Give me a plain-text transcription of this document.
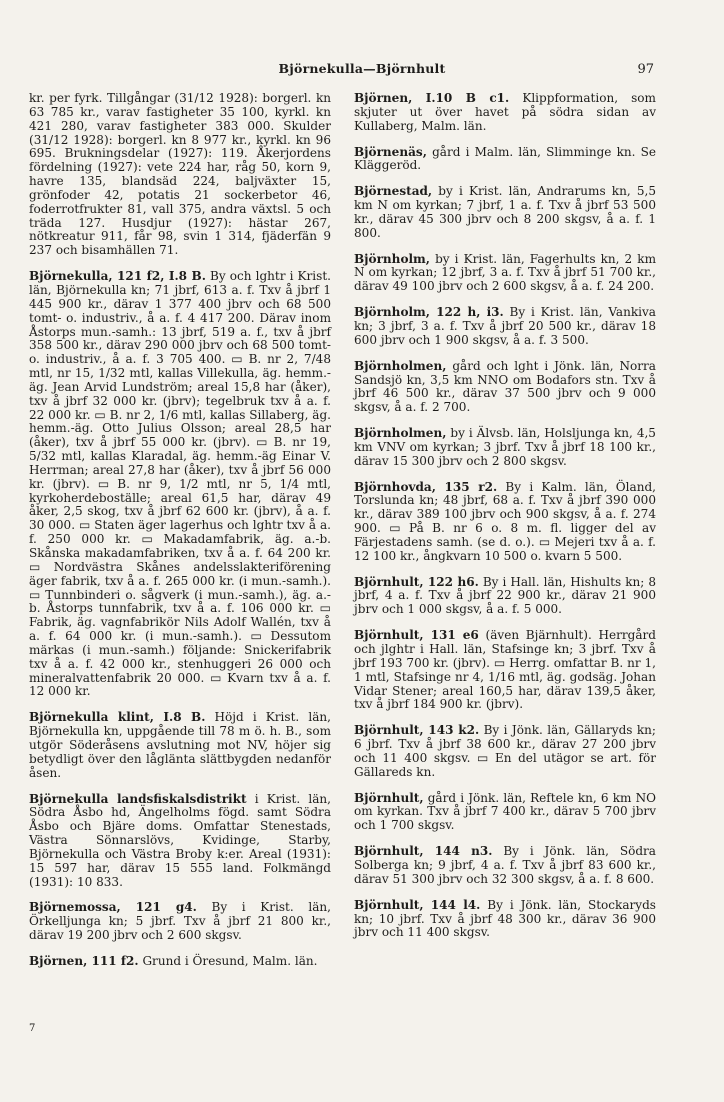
Björnekulla—Björnhult	97

kr. per fyrk. Tillgångar (31/12 1928): borgerl. kn 63 785 kr., varav fastigheter 35 100, kyrkl. kn 421 280, varav fastigheter 383 000. Skulder (31/12 1928): borgerl. kn 8 977 kr., kyrkl. kn 96 695. Brukningsdelar (1927): 119. Åkerjordens fördelning (1927): vete 224 har, råg 50, korn 9, havre 135, blandsäd 224, baljväxter 15, grönfoder 42, potatis 21 sockerbetor 46, foderrotfrukter 81, vall 375, andra växtsl. 5 och träda 127. Husdjur (1927): hästar 267, nötkreatur 911, får 98, svin 1 314, fjäderfän 9 237 och bisamhällen 71.

Björnekulla, 121 f2, I.8 B. By och lghtr i Krist. län, Björnekulla kn; 71 jbrf, 613 a. f. Txv å jbrf 1 445 900 kr., därav 1 377 400 jbrv och 68 500 tomt- o. industriv., å a. f. 4 417 200. Därav inom Åstorps mun.-samh.: 13 jbrf, 519 a. f., txv å jbrf 358 500 kr., därav 290 000 jbrv och 68 500 tomt- o. industriv., å a. f. 3 705 400. ▭ B. nr 2, 7/48 mtl, nr 15, 1/32 mtl, kallas Villekulla, äg. hemm.-äg. Jean Arvid Lundström; areal 15,8 har (åker), txv å jbrf 32 000 kr. (jbrv); tegelbruk txv å a. f. 22 000 kr. ▭ B. nr 2, 1/6 mtl, kallas Sillaberg, äg. hemm.-äg. Otto Julius Olsson; areal 28,5 har (åker), txv å jbrf 55 000 kr. (jbrv). ▭ B. nr 19, 5/32 mtl, kallas Klaradal, äg. hemm.-äg Einar V. Herrman; areal 27,8 har (åker), txv å jbrf 56 000 kr. (jbrv). ▭ B. nr 9, 1/2 mtl, nr 5, 1/4 mtl, kyrkoherdeboställe; areal 61,5 har, därav 49 åker, 2,5 skog, txv å jbrf 62 600 kr. (jbrv), å a. f. 30 000. ▭ Staten äger lagerhus och lghtr txv å a. f. 250 000 kr. ▭ Makadamfabrik, äg. a.-b. Skånska makadamfabriken, txv å a. f. 64 200 kr. ▭ Nordvästra Skånes andelsslakteriförening äger fabrik, txv å a. f. 265 000 kr. (i mun.-samh.). ▭ Tunnbinderi o. sågverk (i mun.-samh.), äg. a.-b. Åstorps tunnfabrik, txv å a. f. 106 000 kr. ▭ Fabrik, äg. vagnfabrikör Nils Adolf Wallén, txv å a. f. 64 000 kr. (i mun.-samh.). ▭ Dessutom märkas (i mun.-samh.) följande: Snickerifabrik txv å a. f. 42 000 kr., stenhuggeri 26 000 och mineralvattenfabrik 20 000. ▭ Kvarn txv å a. f. 12 000 kr.

Björnekulla klint, I.8 B. Höjd i Krist. län, Björnekulla kn, uppgående till 78 m ö. h. B., som utgör Söderåsens avslutning mot NV, höjer sig betydligt över den låglänta slättbygden nedanför åsen.

Björnekulla landsfiskalsdistrikt i Krist. län, Södra Åsbo hd, Ängelholms fögd. samt Södra Åsbo och Bjäre doms. Omfattar Stenestads, Västra Sönnarslövs, Kvidinge, Starby, Björnekulla och Västra Broby k:er. Areal (1931): 15 597 har, därav 15 555 land. Folkmängd (1931): 10 833.

Björnemossa, 121 g4. By i Krist. län, Örkelljunga kn; 5 jbrf. Txv å jbrf 21 800 kr., därav 19 200 jbrv och 2 600 skgsv.

Björnen, 111 f2. Grund i Öresund, Malm. län.

Björnen, I.10 B c1. Klippformation, som skjuter ut över havet på södra sidan av Kullaberg, Malm. län.

Björnenäs, gård i Malm. län, Slimminge kn. Se Kläggeröd.

Björnestad, by i Krist. län, Andrarums kn, 5,5 km N om kyrkan; 7 jbrf, 1 a. f. Txv å jbrf 53 500 kr., därav 45 300 jbrv och 8 200 skgsv, å a. f. 1 800.

Björnholm, by i Krist. län, Fagerhults kn, 2 km N om kyrkan; 12 jbrf, 3 a. f. Txv å jbrf 51 700 kr., därav 49 100 jbrv och 2 600 skgsv, å a. f. 24 200.

Björnholm, 122 h, i3. By i Krist. län, Vankiva kn; 3 jbrf, 3 a. f. Txv å jbrf 20 500 kr., därav 18 600 jbrv och 1 900 skgsv, å a. f. 3 500.

Björnholmen, gård och lght i Jönk. län, Norra Sandsjö kn, 3,5 km NNO om Bodafors stn. Txv å jbrf 46 500 kr., därav 37 500 jbrv och 9 000 skgsv, å a. f. 2 700.

Björnholmen, by i Älvsb. län, Holsljunga kn, 4,5 km VNV om kyrkan; 3 jbrf. Txv å jbrf 18 100 kr., därav 15 300 jbrv och 2 800 skgsv.

Björnhovda, 135 r2. By i Kalm. län, Öland, Torslunda kn; 48 jbrf, 68 a. f. Txv å jbrf 390 000 kr., därav 389 100 jbrv och 900 skgsv, å a. f. 274 900. ▭ På B. nr 6 o. 8 m. fl. ligger del av Färjestadens samh. (se d. o.). ▭ Mejeri txv å a. f. 12 100 kr., ångkvarn 10 500 o. kvarn 5 500.

Björnhult, 122 h6. By i Hall. län, Hishults kn; 8 jbrf, 4 a. f. Txv å jbrf 22 900 kr., därav 21 900 jbrv och 1 000 skgsv, å a. f. 5 000.

Björnhult, 131 e6 (även Bjärnhult). Herrgård och jlghtr i Hall. län, Stafsinge kn; 3 jbrf. Txv å jbrf 193 700 kr. (jbrv). ▭ Herrg. omfattar B. nr 1, 1 mtl, Stafsinge nr 4, 1/16 mtl, äg. godsäg. Johan Vidar Stener; areal 160,5 har, därav 139,5 åker, txv å jbrf 184 900 kr. (jbrv).

Björnhult, 143 k2. By i Jönk. län, Gällaryds kn; 6 jbrf. Txv å jbrf 38 600 kr., därav 27 200 jbrv och 11 400 skgsv. ▭ En del utägor se art. för Gällareds kn.

Björnhult, gård i Jönk. län, Reftele kn, 6 km NO om kyrkan. Txv å jbrf 7 400 kr., därav 5 700 jbrv och 1 700 skgsv.

Björnhult, 144 n3. By i Jönk. län, Södra Solberga kn; 9 jbrf, 4 a. f. Txv å jbrf 83 600 kr., därav 51 300 jbrv och 32 300 skgsv, å a. f. 8 600.

Björnhult, 144 l4. By i Jönk. län, Stockaryds kn; 10 jbrf. Txv å jbrf 48 300 kr., därav 36 900 jbrv och 11 400 skgsv.

7
